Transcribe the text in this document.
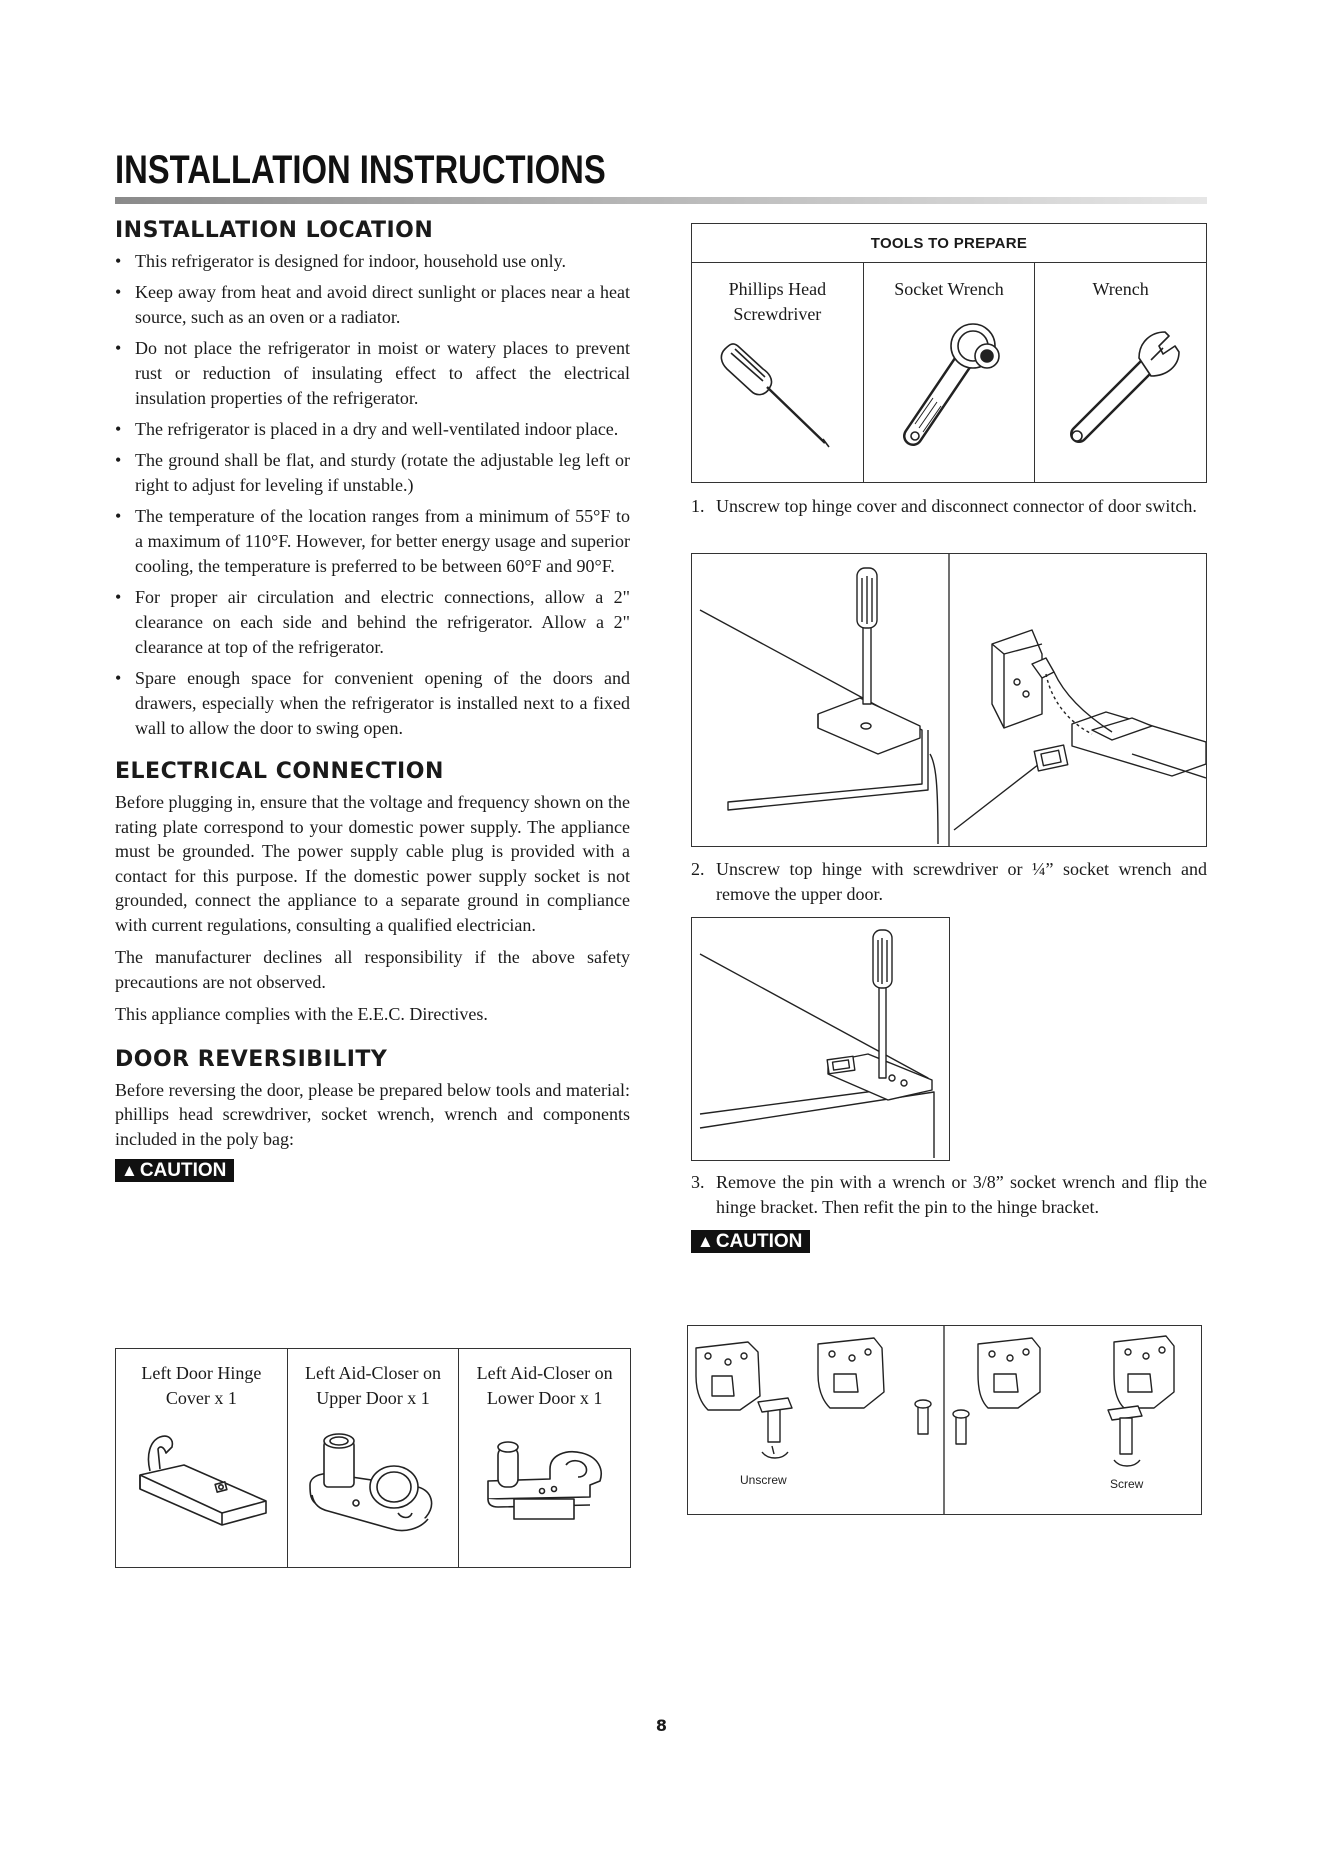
INSTALLATION INSTRUCTIONS
INSTALLATION LOCATION
• This refrigerator is designed for indoor, household use only.
• Keep away from heat and avoid direct sunlight or places near a heat source, such as an oven or a radiator.
• Do not place the refrigerator in moist or watery places to prevent rust or reduction of insulating effect to affect the electrical insulation properties of the refrigerator.
• The refrigerator is placed in a dry and well-ventilated indoor place.
• The ground shall be flat, and sturdy (rotate the adjustable leg left or right to adjust for leveling if unstable.)
• The temperature of the location ranges from a minimum of 55°F to a maximum of 110°F. However, for better energy usage and superior cooling, the temperature is preferred to be between 60°F and 90°F.
• For proper air circulation and electric connections, allow a 2" clearance on each side and behind the refrigerator. Allow a 2" clearance at top of the refrigerator.
• Spare enough space for convenient opening of the doors and drawers, especially when the refrigerator is installed next to a fixed wall to allow the door to swing open.
ELECTRICAL CONNECTION

Before plugging in, ensure that the voltage and frequency shown on the rating plate correspond to your domestic power supply. The appliance must be grounded. The power supply cable plug is provided with a contact for this purpose. If the domestic power supply socket is not grounded, connect the appliance to a separate ground in compliance with current regulations, consulting a qualified electrician.

The manufacturer declines all responsibility if the above safety precautions are not observed.

This appliance complies with the E.E.C. Directives.

DOOR REVERSIBILITY

Before reversing the door, please be prepared below tools and material: phillips head screwdriver, socket wrench, wrench and components included in the poly bag:

▲ CAUTION
Left Door Hinge Cover x 1

Left Aid-Closer on Upper Door x 1

Left Aid-Closer on Lower Door x 1
TOOLS TO PREPARE

Phillips Head Screwdriver

Socket Wrench	Wrench
1. Unscrew top hinge cover and disconnect connector of door switch.
2. Unscrew top hinge with screwdriver or ¼” socket wrench and remove the upper door.
3. Remove the pin with a wrench or 3/8” socket wrench and flip the hinge bracket. Then refit the pin to the hinge bracket.
▲ CAUTION
Unscrew	Screw
8
